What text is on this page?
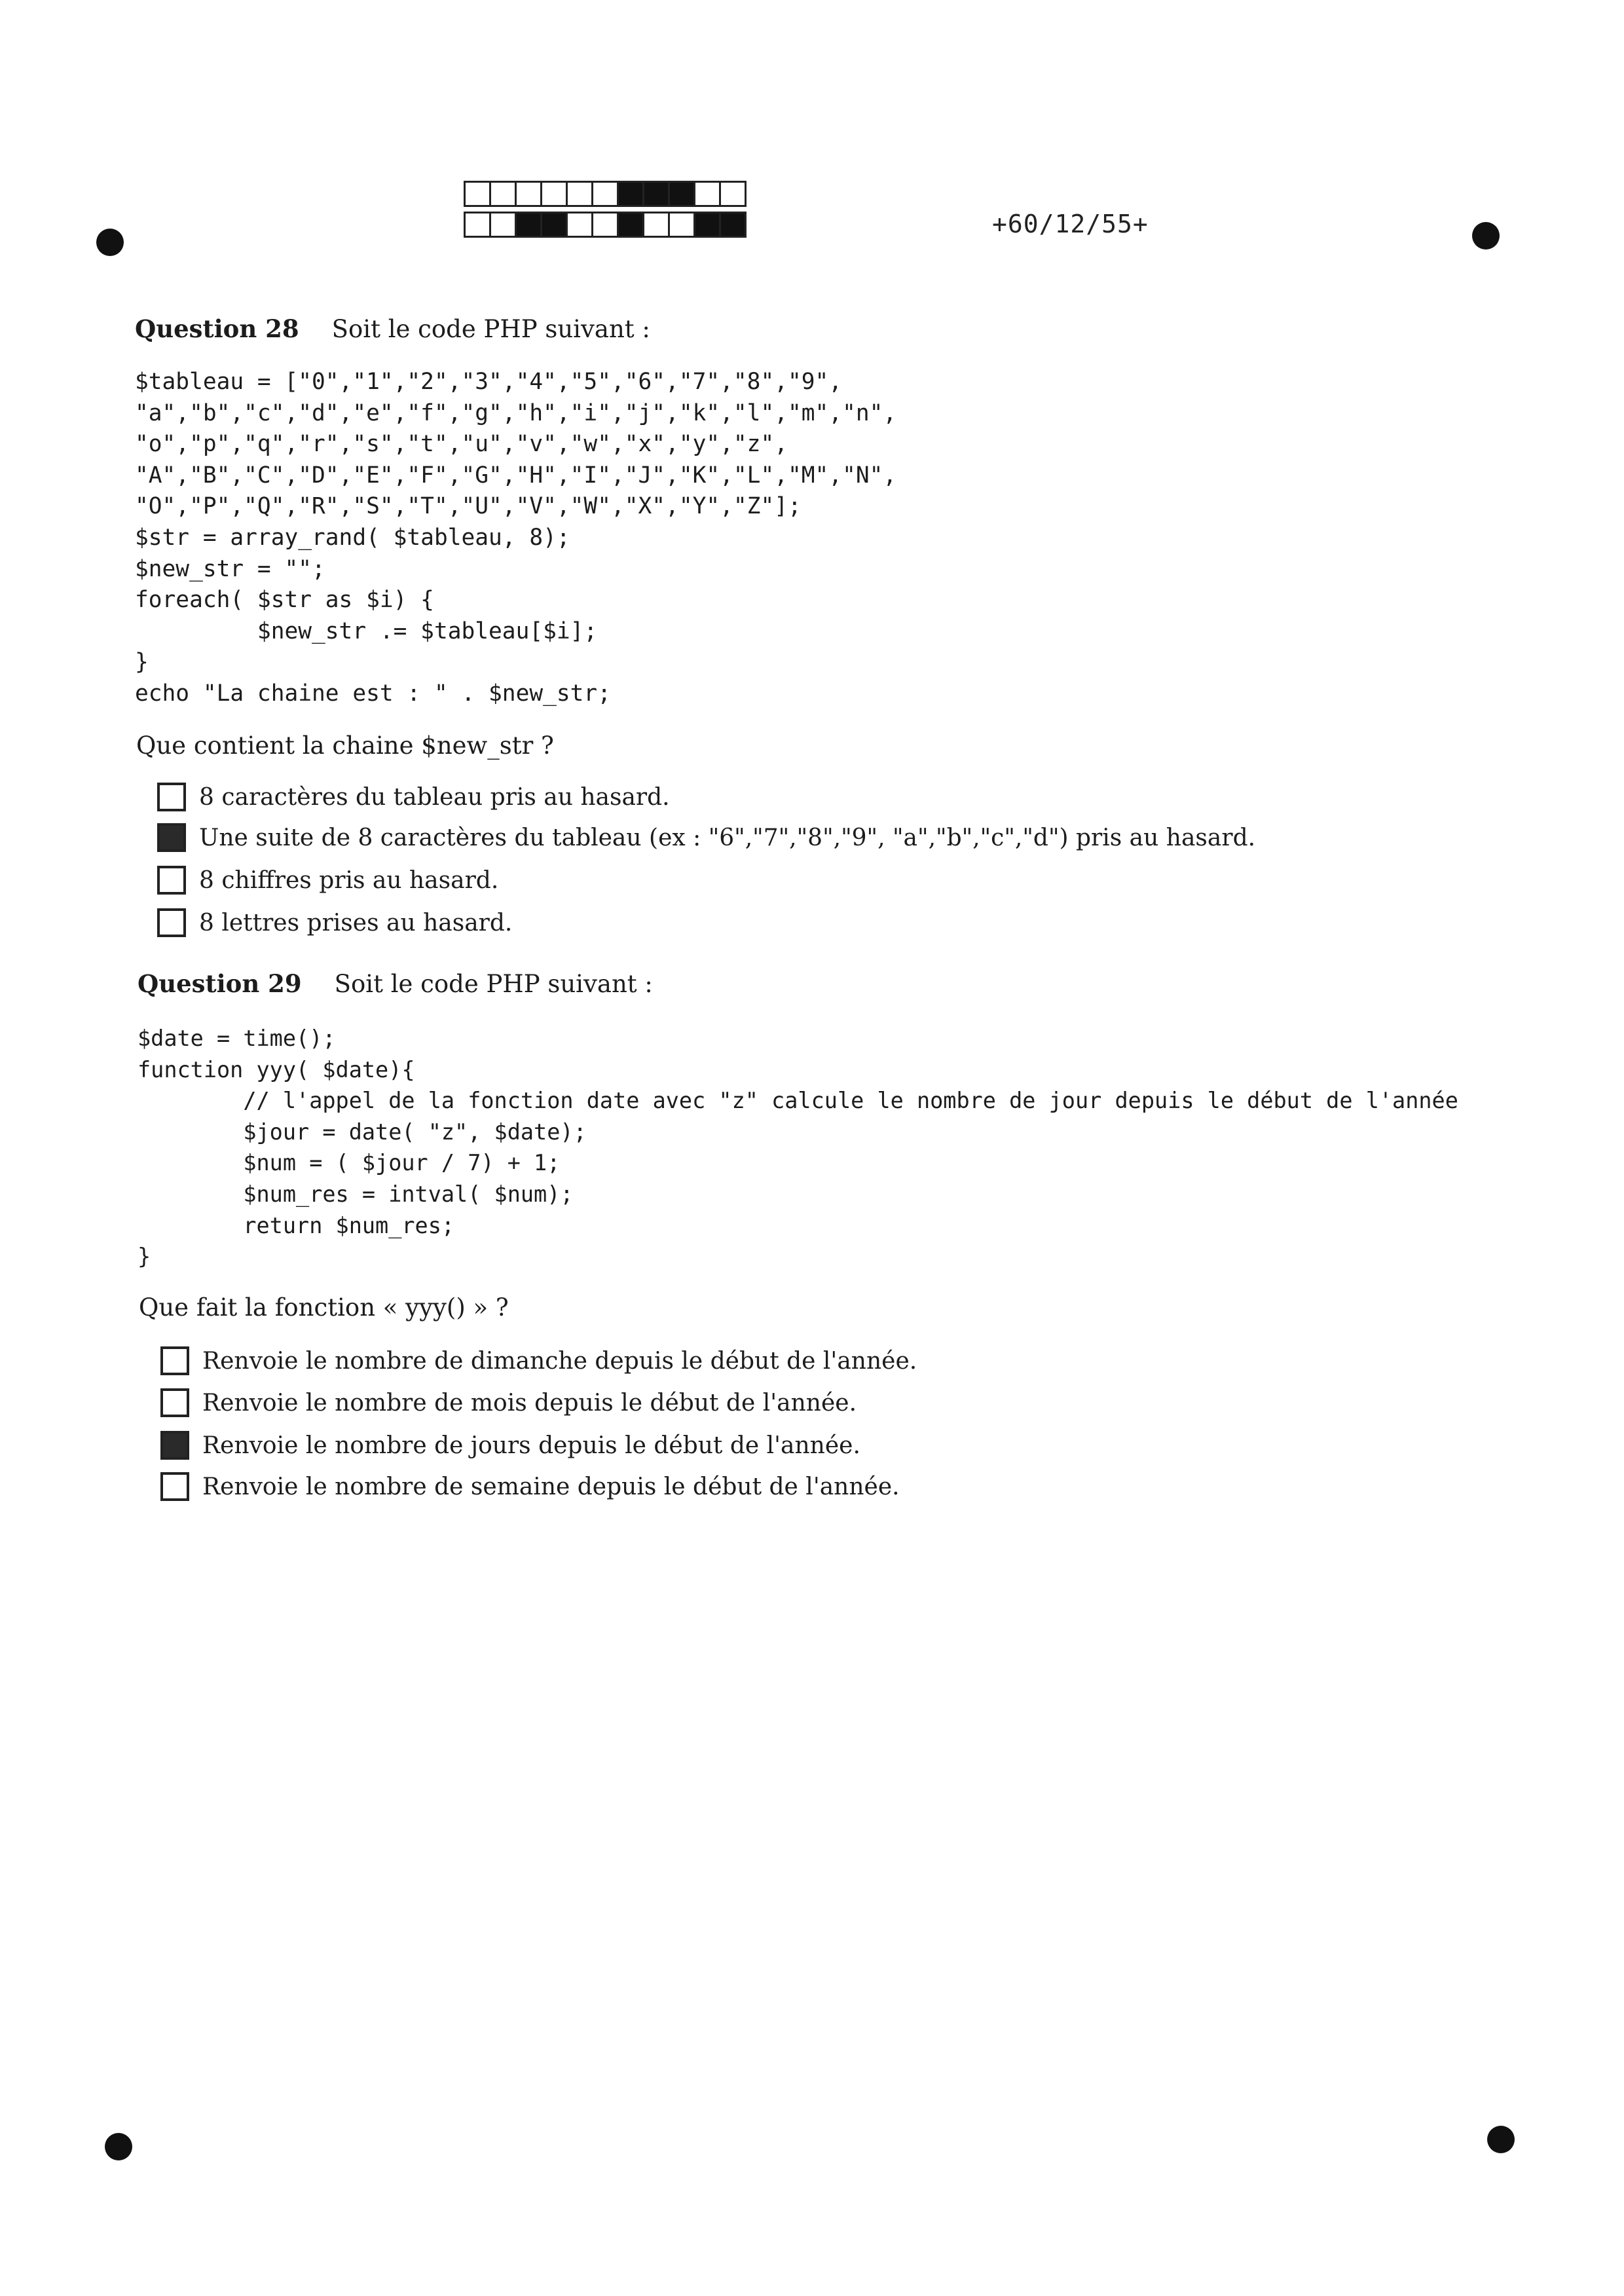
+60/12/55+
Question 28 Soit le code PHP suivant :
$tableau = ["0","1","2","3","4","5","6","7","8","9",
"a","b","c","d","e","f","g","h","i","j","k","l","m","n",
"o","p","q","r","s","t","u","v","w","x","y","z",
"A","B","C","D","E","F","G","H","I","J","K","L","M","N",
"O","P","Q","R","S","T","U","V","W","X","Y","Z"];
$str = array_rand( $tableau, 8);
$new_str = "";
foreach( $str as $i) {
$new_str .= $tableau[$i];
}
echo "La chaine est : " . $new_str;
Que contient la chaine $new_str ?
8 caractères du tableau pris au hasard.
Une suite de 8 caractères du tableau (ex : "6","7","8","9", "a","b","c","d") pris au hasard.
8 chiffres pris au hasard.
8 lettres prises au hasard.
Question 29 Soit le code PHP suivant :
$date = time();
function yyy( $date){
// l'appel de la fonction date avec "z" calcule le nombre de jour depuis le début de l'année
$jour = date( "z", $date);
$num = ( $jour / 7) + 1;
$num_res = intval( $num);
return $num_res;
}
Que fait la fonction « yyy() » ?
Renvoie le nombre de dimanche depuis le début de l'année.
Renvoie le nombre de mois depuis le début de l'année.
Renvoie le nombre de jours depuis le début de l'année.
Renvoie le nombre de semaine depuis le début de l'année.
